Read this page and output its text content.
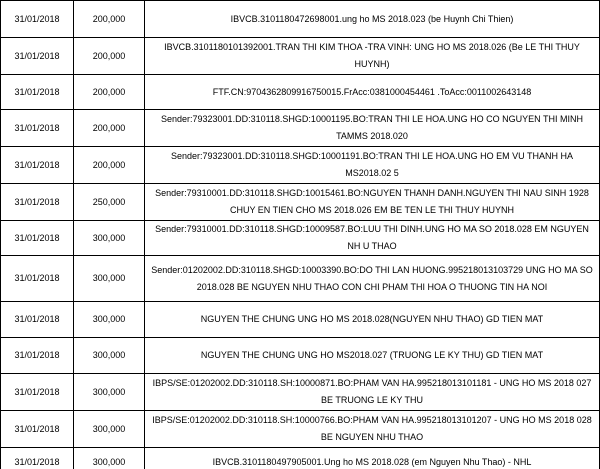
31/01/2018	200,000	IBVCB.3101180472698001.ung ho MS 2018.023 (be Huynh Chi Thien)
31/01/2018	200,000	IBVCB.3101180101392001.TRAN THI KIM THOA -TRA VINH: UNG HO MS 2018.026 (Be LE THI THUY HUYNH)
31/01/2018	200,000	FTF.CN:9704362809916750015.FrAcc:0381000454461 .ToAcc:0011002643148
31/01/2018	200,000	Sender:79323001.DD:310118.SHGD:10001195.BO:TRAN THI LE HOA.UNG HO CO NGUYEN THI MINH TAMMS 2018.020
31/01/2018	200,000	Sender:79323001.DD:310118.SHGD:10001191.BO:TRAN THI LE HOA.UNG HO EM VU THANH HA MS2018.02 5
31/01/2018	250,000	Sender:79310001.DD:310118.SHGD:10015461.BO:NGUYEN THANH DANH.NGUYEN THI NAU SINH 1928 CHUY EN TIEN CHO MS 2018.026 EM BE TEN LE THI THUY HUYNH
31/01/2018	300,000	Sender:79310001.DD:310118.SHGD:10009587.BO:LUU THI DINH.UNG HO MA SO 2018.028 EM NGUYEN NH U THAO
31/01/2018	300,000	Sender:01202002.DD:310118.SHGD:10003390.BO:DO THI LAN HUONG.995218013103729 UNG HO MA SO 2018.028 BE NGUYEN NHU THAO CON CHI PHAM THI HOA O THUONG TIN HA NOI
31/01/2018	300,000	NGUYEN THE CHUNG UNG HO MS 2018.028(NGUYEN NHU THAO) GD TIEN MAT
31/01/2018	300,000	NGUYEN THE CHUNG UNG HO MS2018.027 (TRUONG LE KY THU) GD TIEN MAT
31/01/2018	300,000	IBPS/SE:01202002.DD:310118.SH:10000871.BO:PHAM VAN HA.995218013101181 - UNG HO MS 2018 027 BE TRUONG LE KY THU
31/01/2018	300,000	IBPS/SE:01202002.DD:310118.SH:10000766.BO:PHAM VAN HA.995218013101207 - UNG HO MS 2018 028 BE NGUYEN NHU THAO
31/01/2018	300,000	IBVCB.3101180497905001.Ung ho MS 2018.028 (em Nguyen Nhu Thao) - NHL
